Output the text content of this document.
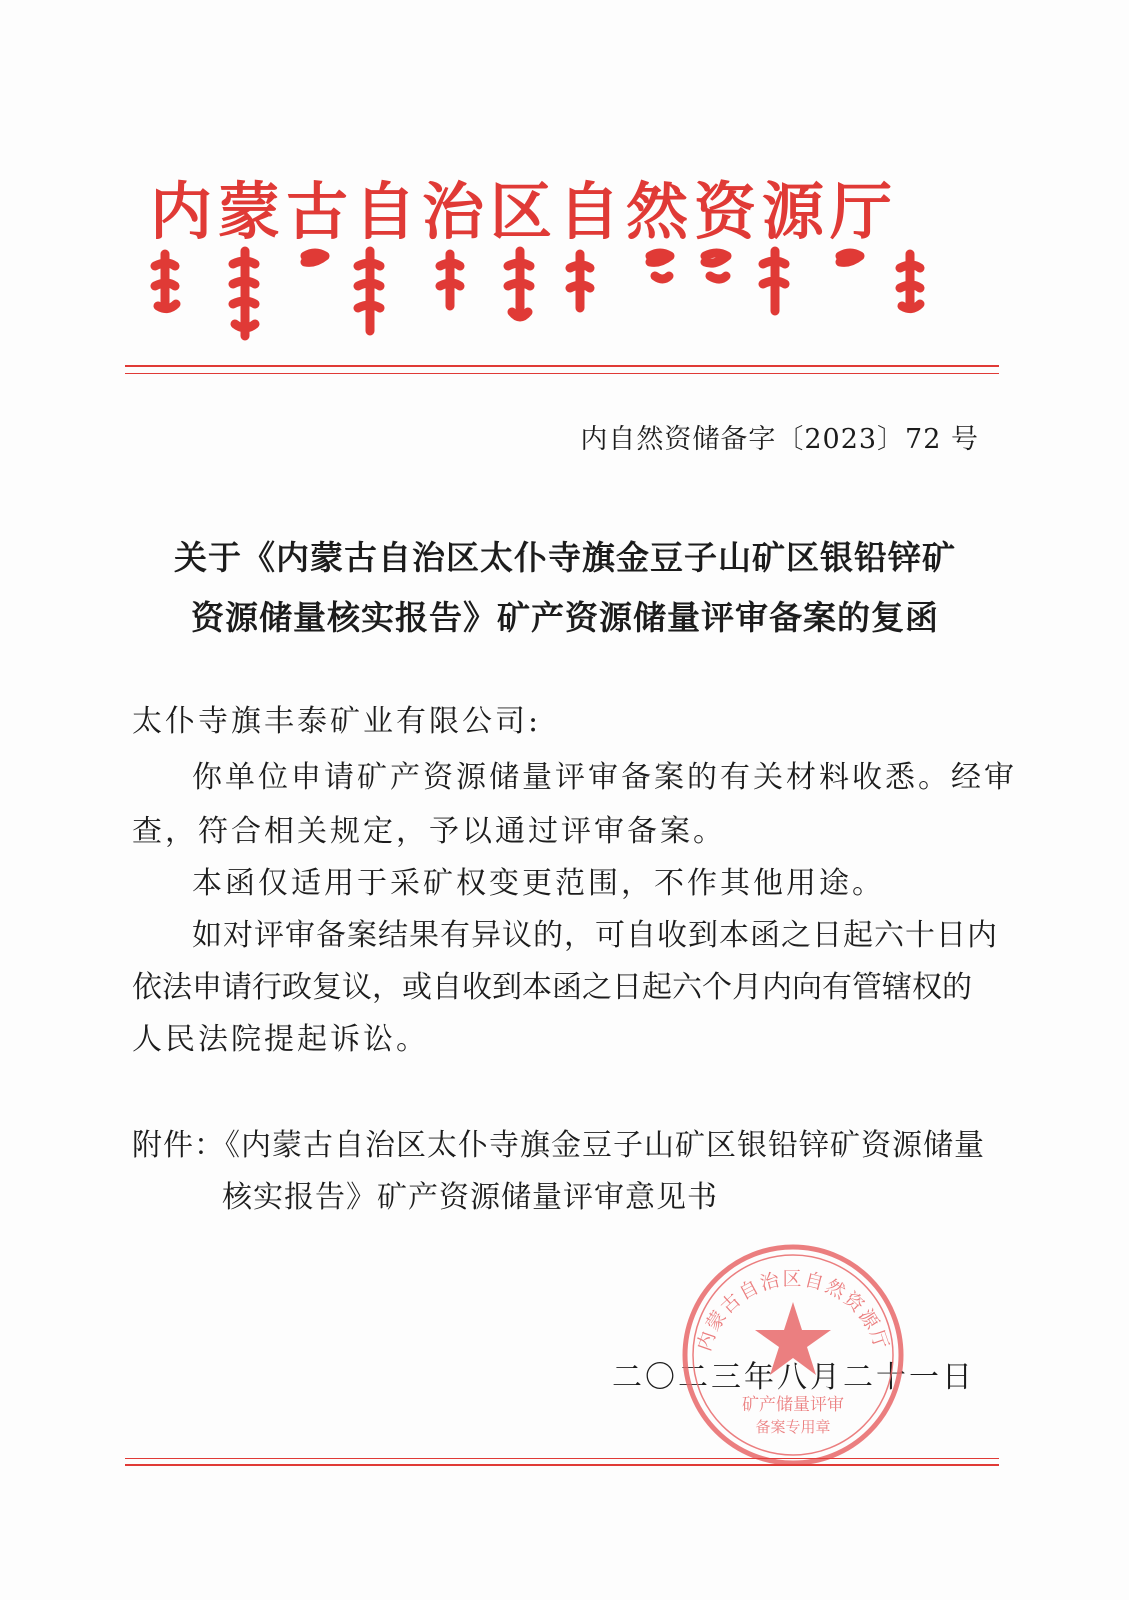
内蒙古自治区自然资源厅
内自然资储备字〔2023〕72 号
关于《内蒙古自治区太仆寺旗金豆子山矿区银铅锌矿
资源储量核实报告》矿产资源储量评审备案的复函
太仆寺旗丰泰矿业有限公司:
你单位申请矿产资源储量评审备案的有关材料收悉。经审
查，符合相关规定，予以通过评审备案。
本函仅适用于采矿权变更范围，不作其他用途。
如对评审备案结果有异议的，可自收到本函之日起六十日内
依法申请行政复议，或自收到本函之日起六个月内向有管辖权的
人民法院提起诉讼。
附件：《内蒙古自治区太仆寺旗金豆子山矿区银铅锌矿资源储量
核实报告》矿产资源储量评审意见书
二〇二三年八月二十一日
内蒙古自治区自然资源厅
矿产储量评审
备案专用章
